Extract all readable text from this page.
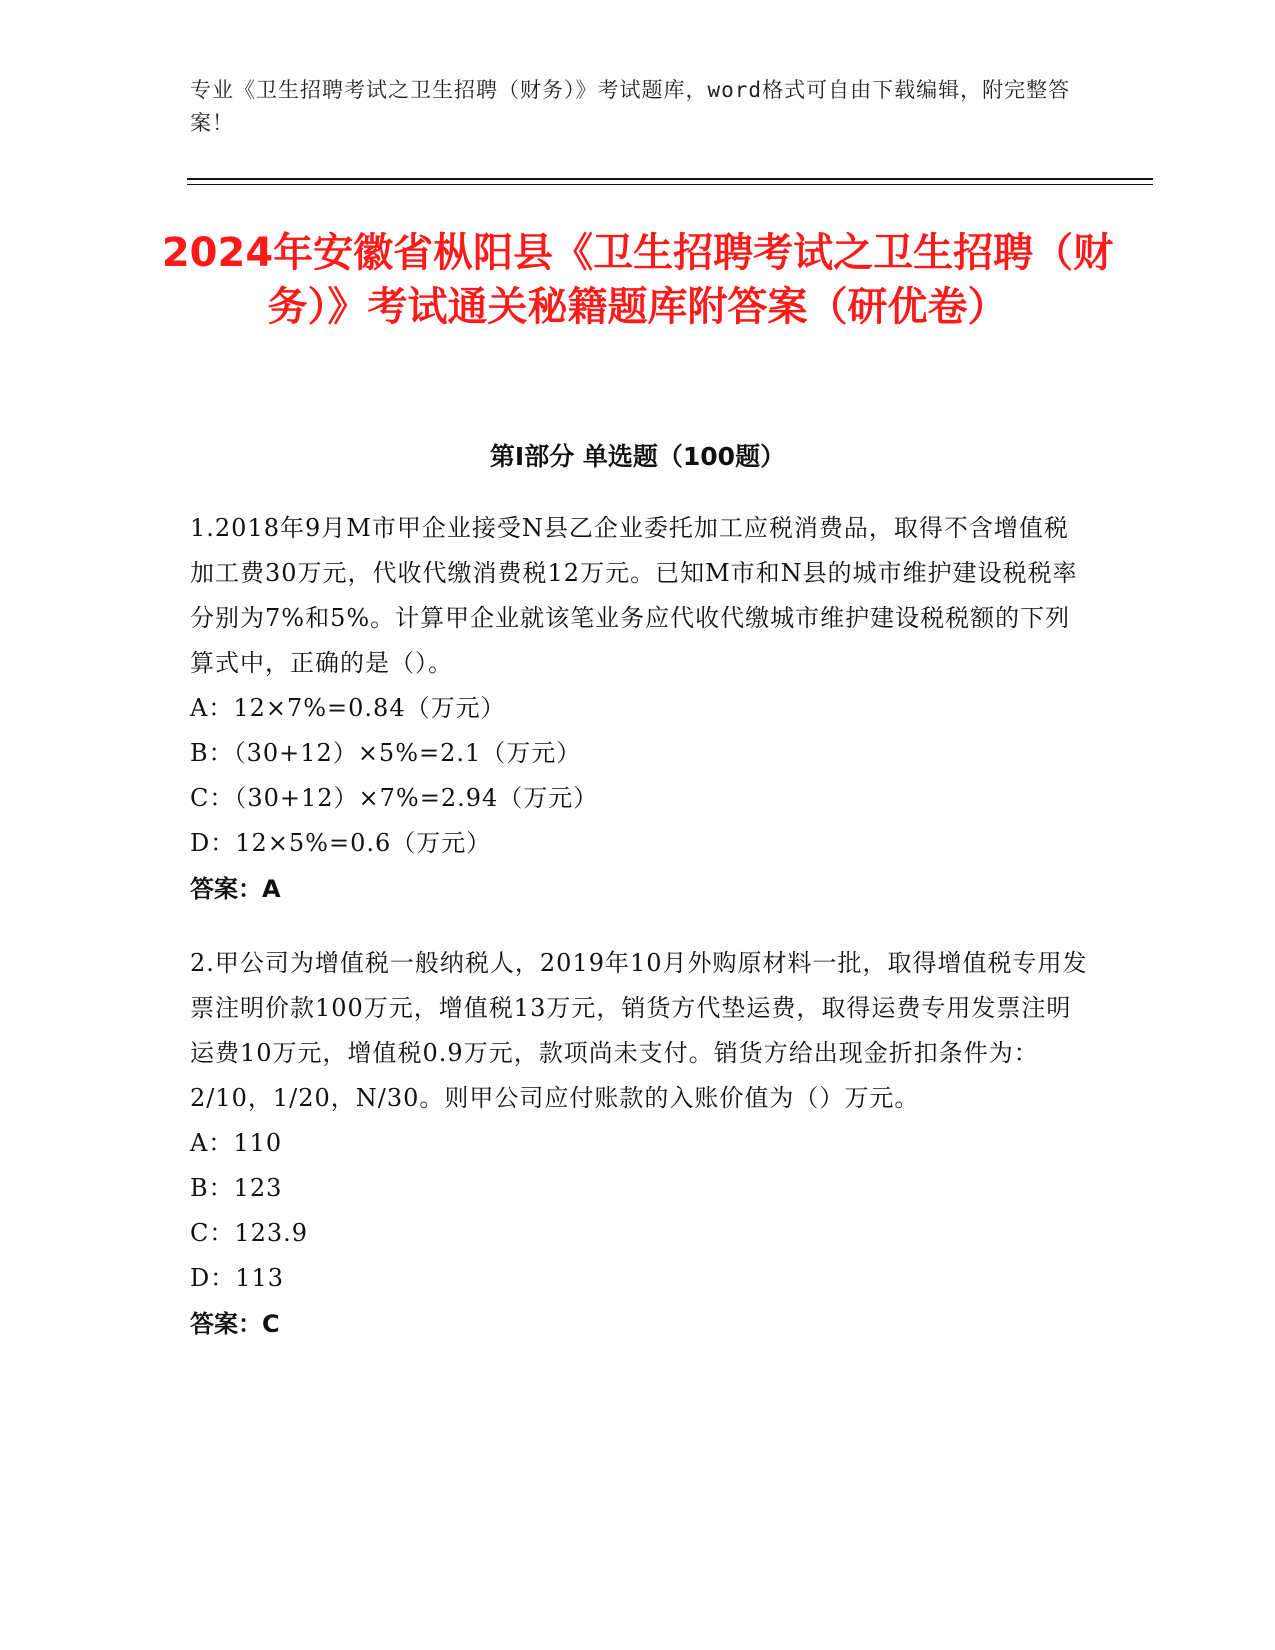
专业《卫生招聘考试之卫生招聘（财务）》考试题库，word格式可自由下载编辑，附完整答案！
2024年安徽省枞阳县《卫生招聘考试之卫生招聘（财务）》考试通关秘籍题库附答案（研优卷）
第I部分 单选题（100题）

1.2018年9月M市甲企业接受N县乙企业委托加工应税消费品，取得不含增值税加工费30万元，代收代缴消费税12万元。已知M市和N县的城市维护建设税税率分别为7%和5%。计算甲企业就该笔业务应代收代缴城市维护建设税税额的下列算式中，正确的是（）。

A：12×7%=0.84（万元）

B：（30+12）×5%=2.1（万元）

C：（30+12）×7%=2.94（万元）

D：12×5%=0.6（万元）

答案：A

2.甲公司为增值税一般纳税人，2019年10月外购原材料一批，取得增值税专用发票注明价款100万元，增值税13万元，销货方代垫运费，取得运费专用发票注明运费10万元，增值税0.9万元，款项尚未支付。销货方给出现金折扣条件为：2/10，1/20，N/30。则甲公司应付账款的入账价值为（）万元。

A：110

B：123

C：123.9

D：113

答案：C
